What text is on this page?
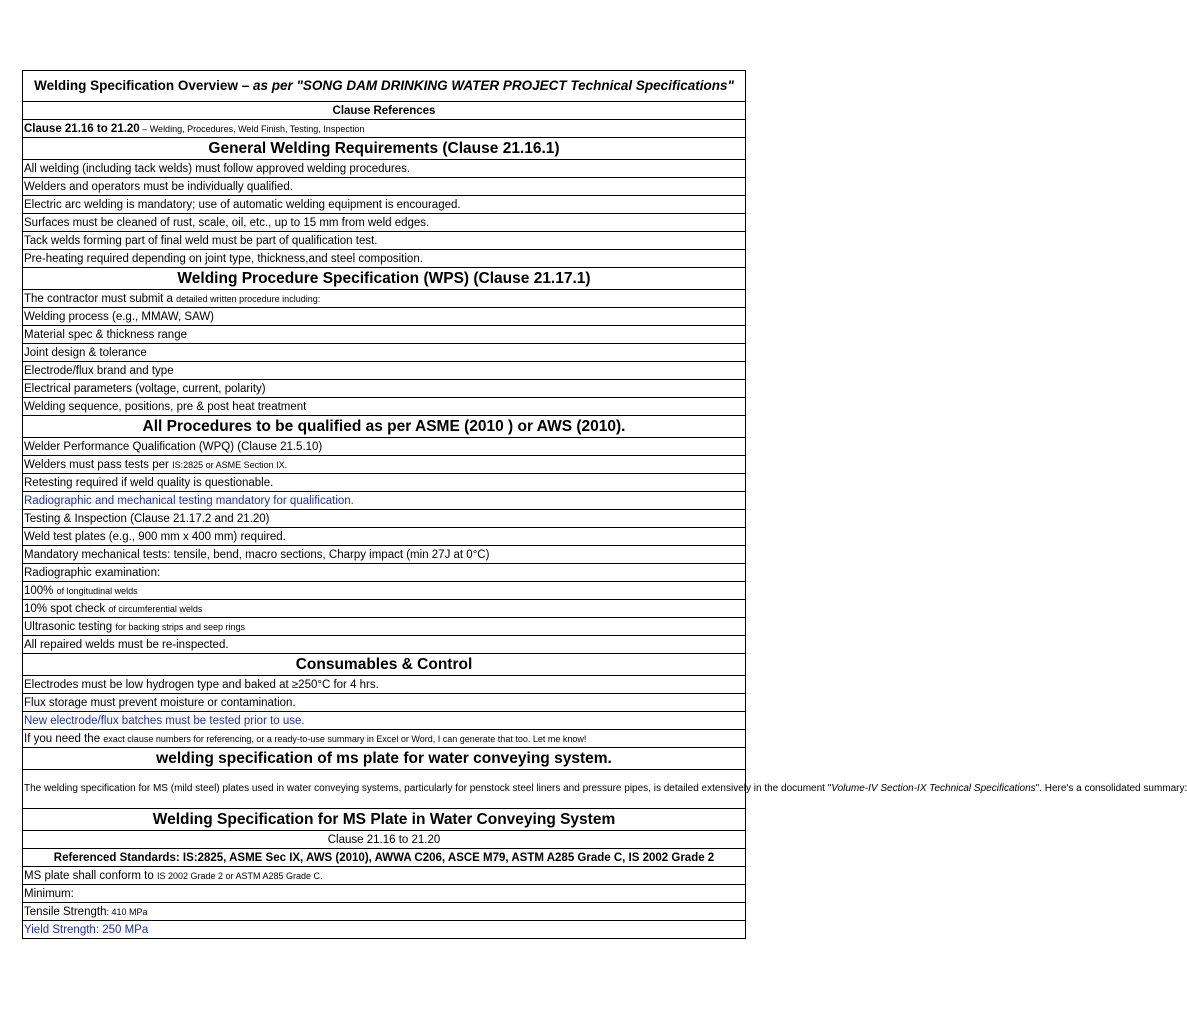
Welding Specification Overview – as per "SONG DAM DRINKING WATER PROJECT Technical Specifications"
Clause References
Clause 21.16 to 21.20 – Welding, Procedures, Weld Finish, Testing, Inspection
General Welding Requirements (Clause 21.16.1)
All welding (including tack welds) must follow approved welding procedures.
Welders and operators must be individually qualified.
Electric arc welding is mandatory; use of automatic welding equipment is encouraged.
Surfaces must be cleaned of rust, scale, oil, etc., up to 15 mm from weld edges.
Tack welds forming part of final weld must be part of qualification test.
Pre-heating required depending on joint type, thickness,and steel composition.
Welding Procedure Specification (WPS) (Clause 21.17.1)
The contractor must submit a detailed written procedure including:
Welding process (e.g., MMAW, SAW)
Material spec & thickness range
Joint design & tolerance
Electrode/flux brand and type
Electrical parameters (voltage, current, polarity)
Welding sequence, positions, pre & post heat treatment
All Procedures to be qualified as per ASME (2010 ) or AWS (2010).
Welder Performance Qualification (WPQ) (Clause 21.5.10)
Welders must pass tests per IS:2825 or ASME Section IX.
Retesting required if weld quality is questionable.
Radiographic and mechanical testing mandatory for qualification.
Testing & Inspection (Clause 21.17.2 and 21.20)
Weld test plates (e.g., 900 mm x 400 mm) required.
Mandatory mechanical tests: tensile, bend, macro sections, Charpy impact (min 27J at 0°C)
Radiographic examination:
100% of longitudinal welds
10% spot check of circumferential welds
Ultrasonic testing for backing strips and seep rings
All repaired welds must be re-inspected.
Consumables & Control
Electrodes must be low hydrogen type and baked at ≥250°C for 4 hrs.
Flux storage must prevent moisture or contamination.
New electrode/flux batches must be tested prior to use.
If you need the exact clause numbers for referencing, or a ready-to-use summary in Excel or Word, I can generate that too. Let me know!
welding specification of ms plate for water conveying system.
The welding specification for MS (mild steel) plates used in water conveying systems, particularly for penstock steel liners and pressure pipes, is detailed extensively in the document "Volume-IV Section-IX Technical Specifications". Here's a consolidated summary:
Welding Specification for MS Plate in Water Conveying System
Clause 21.16 to 21.20
Referenced Standards: IS:2825, ASME Sec IX, AWS (2010), AWWA C206, ASCE M79, ASTM A285 Grade C, IS 2002 Grade 2
MS plate shall conform to IS 2002 Grade 2 or ASTM A285 Grade C.
Minimum:
Tensile Strength: 410 MPa
Yield Strength: 250 MPa
